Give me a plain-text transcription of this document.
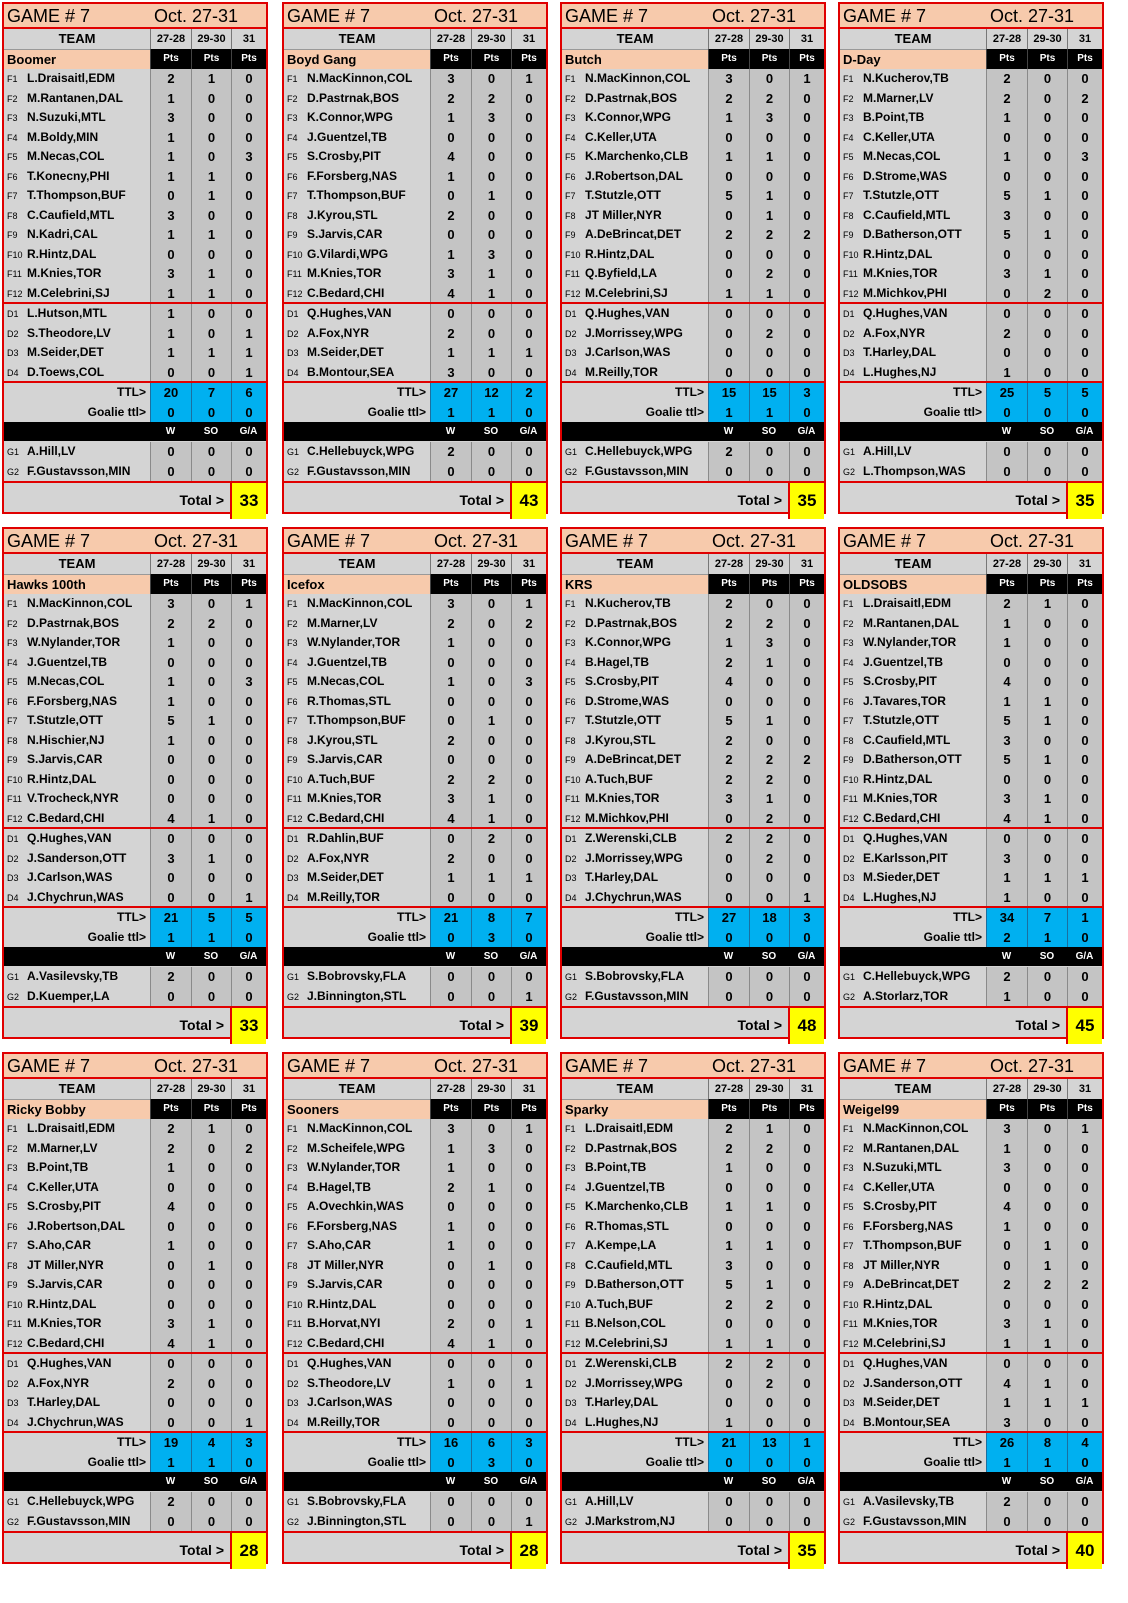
GAME # 7	Oct. 27-31
TEAM	27-28	29-30	31
Boomer	Pts	Pts	Pts
F1 L.Draisaitl,EDM	2	1	0
F2 M.Rantanen,DAL	1	0	0
F3 N.Suzuki,MTL	3	0	0
F4 M.Boldy,MIN	1	0	0
F5 M.Necas,COL	1	0	3
F6 T.Konecny,PHI	1	1	0
F7 T.Thompson,BUF	0	1	0
F8 C.Caufield,MTL	3	0	0
F9 N.Kadri,CAL	1	1	0
F10 R.Hintz,DAL	0	0	0
F11 M.Knies,TOR	3	1	0
F12 M.Celebrini,SJ	1	1	0
D1 L.Hutson,MTL	1	0	0
D2 S.Theodore,LV	1	0	1
D3 M.Seider,DET	1	1	1
D4 D.Toews,COL	0	0	1
TTL>	20	7	6
Goalie ttl>	0	0	0
W	SO	G/A
G1 A.Hill,LV	0	0	0
G2 F.Gustavsson,MIN	0	0	0
Total > 33
GAME # 7	Oct. 27-31
TEAM	27-28	29-30	31
Boyd Gang	Pts	Pts	Pts
F1 N.MacKinnon,COL	3	0	1
F2 D.Pastrnak,BOS	2	2	0
F3 K.Connor,WPG	1	3	0
F4 J.Guentzel,TB	0	0	0
F5 S.Crosby,PIT	4	0	0
F6 F.Forsberg,NAS	1	0	0
F7 T.Thompson,BUF	0	1	0
F8 J.Kyrou,STL	2	0	0
F9 S.Jarvis,CAR	0	0	0
F10 G.Vilardi,WPG	1	3	0
F11 M.Knies,TOR	3	1	0
F12 C.Bedard,CHI	4	1	0
D1 Q.Hughes,VAN	0	0	0
D2 A.Fox,NYR	2	0	0
D3 M.Seider,DET	1	1	1
D4 B.Montour,SEA	3	0	0
TTL>	27	12	2
Goalie ttl>	1	1	0
W	SO	G/A
G1 C.Hellebuyck,WPG	2	0	0
G2 F.Gustavsson,MIN	0	0	0
Total > 43
GAME # 7	Oct. 27-31
TEAM	27-28	29-30	31
Butch	Pts	Pts	Pts
F1 N.MacKinnon,COL	3	0	1
F2 D.Pastrnak,BOS	2	2	0
F3 K.Connor,WPG	1	3	0
F4 C.Keller,UTA	0	0	0
F5 K.Marchenko,CLB	1	1	0
F6 J.Robertson,DAL	0	0	0
F7 T.Stutzle,OTT	5	1	0
F8 JT Miller,NYR	0	1	0
F9 A.DeBrincat,DET	2	2	2
F10 R.Hintz,DAL	0	0	0
F11 Q.Byfield,LA	0	2	0
F12 M.Celebrini,SJ	1	1	0
D1 Q.Hughes,VAN	0	0	0
D2 J.Morrissey,WPG	0	2	0
D3 J.Carlson,WAS	0	0	0
D4 M.Reilly,TOR	0	0	0
TTL>	15	15	3
Goalie ttl>	1	1	0
W	SO	G/A
G1 C.Hellebuyck,WPG	2	0	0
G2 F.Gustavsson,MIN	0	0	0
Total > 35
GAME # 7	Oct. 27-31
TEAM	27-28	29-30	31
D-Day	Pts	Pts	Pts
F1 N.Kucherov,TB	2	0	0
F2 M.Marner,LV	2	0	2
F3 B.Point,TB	1	0	0
F4 C.Keller,UTA	0	0	0
F5 M.Necas,COL	1	0	3
F6 D.Strome,WAS	0	0	0
F7 T.Stutzle,OTT	5	1	0
F8 C.Caufield,MTL	3	0	0
F9 D.Batherson,OTT	5	1	0
F10 R.Hintz,DAL	0	0	0
F11 M.Knies,TOR	3	1	0
F12 M.Michkov,PHI	0	2	0
D1 Q.Hughes,VAN	0	0	0
D2 A.Fox,NYR	2	0	0
D3 T.Harley,DAL	0	0	0
D4 L.Hughes,NJ	1	0	0
TTL>	25	5	5
Goalie ttl>	0	0	0
W	SO	G/A
G1 A.Hill,LV	0	0	0
G2 L.Thompson,WAS	0	0	0
Total > 35
GAME # 7	Oct. 27-31
TEAM	27-28	29-30	31
Hawks 100th	Pts	Pts	Pts
F1 N.MacKinnon,COL	3	0	1
F2 D.Pastrnak,BOS	2	2	0
F3 W.Nylander,TOR	1	0	0
F4 J.Guentzel,TB	0	0	0
F5 M.Necas,COL	1	0	3
F6 F.Forsberg,NAS	1	0	0
F7 T.Stutzle,OTT	5	1	0
F8 N.Hischier,NJ	1	0	0
F9 S.Jarvis,CAR	0	0	0
F10 R.Hintz,DAL	0	0	0
F11 V.Trocheck,NYR	0	0	0
F12 C.Bedard,CHI	4	1	0
D1 Q.Hughes,VAN	0	0	0
D2 J.Sanderson,OTT	3	1	0
D3 J.Carlson,WAS	0	0	0
D4 J.Chychrun,WAS	0	0	1
TTL>	21	5	5
Goalie ttl>	1	1	0
W	SO	G/A
G1 A.Vasilevsky,TB	2	0	0
G2 D.Kuemper,LA	0	0	0
Total > 33
GAME # 7	Oct. 27-31
TEAM	27-28	29-30	31
Icefox	Pts	Pts	Pts
F1 N.MacKinnon,COL	3	0	1
F2 M.Marner,LV	2	0	2
F3 W.Nylander,TOR	1	0	0
F4 J.Guentzel,TB	0	0	0
F5 M.Necas,COL	1	0	3
F6 R.Thomas,STL	0	0	0
F7 T.Thompson,BUF	0	1	0
F8 J.Kyrou,STL	2	0	0
F9 S.Jarvis,CAR	0	0	0
F10 A.Tuch,BUF	2	2	0
F11 M.Knies,TOR	3	1	0
F12 C.Bedard,CHI	4	1	0
D1 R.Dahlin,BUF	0	2	0
D2 A.Fox,NYR	2	0	0
D3 M.Seider,DET	1	1	1
D4 M.Reilly,TOR	0	0	0
TTL>	21	8	7
Goalie ttl>	0	3	0
W	SO	G/A
G1 S.Bobrovsky,FLA	0	0	0
G2 J.Binnington,STL	0	0	1
Total > 39
GAME # 7	Oct. 27-31
TEAM	27-28	29-30	31
KRS	Pts	Pts	Pts
F1 N.Kucherov,TB	2	0	0
F2 D.Pastrnak,BOS	2	2	0
F3 K.Connor,WPG	1	3	0
F4 B.Hagel,TB	2	1	0
F5 S.Crosby,PIT	4	0	0
F6 D.Strome,WAS	0	0	0
F7 T.Stutzle,OTT	5	1	0
F8 J.Kyrou,STL	2	0	0
F9 A.DeBrincat,DET	2	2	2
F10 A.Tuch,BUF	2	2	0
F11 M.Knies,TOR	3	1	0
F12 M.Michkov,PHI	0	2	0
D1 Z.Werenski,CLB	2	2	0
D2 J.Morrissey,WPG	0	2	0
D3 T.Harley,DAL	0	0	0
D4 J.Chychrun,WAS	0	0	1
TTL>	27	18	3
Goalie ttl>	0	0	0
W	SO	G/A
G1 S.Bobrovsky,FLA	0	0	0
G2 F.Gustavsson,MIN	0	0	0
Total > 48
GAME # 7	Oct. 27-31
TEAM	27-28	29-30	31
OLDSOBS	Pts	Pts	Pts
F1 L.Draisaitl,EDM	2	1	0
F2 M.Rantanen,DAL	1	0	0
F3 W.Nylander,TOR	1	0	0
F4 J.Guentzel,TB	0	0	0
F5 S.Crosby,PIT	4	0	0
F6 J.Tavares,TOR	1	1	0
F7 T.Stutzle,OTT	5	1	0
F8 C.Caufield,MTL	3	0	0
F9 D.Batherson,OTT	5	1	0
F10 R.Hintz,DAL	0	0	0
F11 M.Knies,TOR	3	1	0
F12 C.Bedard,CHI	4	1	0
D1 Q.Hughes,VAN	0	0	0
D2 E.Karlsson,PIT	3	0	0
D3 M.Sieder,DET	1	1	1
D4 L.Hughes,NJ	1	0	0
TTL>	34	7	1
Goalie ttl>	2	1	0
W	SO	G/A
G1 C.Hellebuyck,WPG	2	0	0
G2 A.Storlarz,TOR	1	0	0
Total > 45
GAME # 7	Oct. 27-31
TEAM	27-28	29-30	31
Ricky Bobby	Pts	Pts	Pts
F1 L.Draisaitl,EDM	2	1	0
F2 M.Marner,LV	2	0	2
F3 B.Point,TB	1	0	0
F4 C.Keller,UTA	0	0	0
F5 S.Crosby,PIT	4	0	0
F6 J.Robertson,DAL	0	0	0
F7 S.Aho,CAR	1	0	0
F8 JT Miller,NYR	0	1	0
F9 S.Jarvis,CAR	0	0	0
F10 R.Hintz,DAL	0	0	0
F11 M.Knies,TOR	3	1	0
F12 C.Bedard,CHI	4	1	0
D1 Q.Hughes,VAN	0	0	0
D2 A.Fox,NYR	2	0	0
D3 T.Harley,DAL	0	0	0
D4 J.Chychrun,WAS	0	0	1
TTL>	19	4	3
Goalie ttl>	1	1	0
W	SO	G/A
G1 C.Hellebuyck,WPG	2	0	0
G2 F.Gustavsson,MIN	0	0	0
Total > 28
GAME # 7	Oct. 27-31
TEAM	27-28	29-30	31
Sooners	Pts	Pts	Pts
F1 N.MacKinnon,COL	3	0	1
F2 M.Scheifele,WPG	1	3	0
F3 W.Nylander,TOR	1	0	0
F4 B.Hagel,TB	2	1	0
F5 A.Ovechkin,WAS	0	0	0
F6 F.Forsberg,NAS	1	0	0
F7 S.Aho,CAR	1	0	0
F8 JT Miller,NYR	0	1	0
F9 S.Jarvis,CAR	0	0	0
F10 R.Hintz,DAL	0	0	0
F11 B.Horvat,NYI	2	0	1
F12 C.Bedard,CHI	4	1	0
D1 Q.Hughes,VAN	0	0	0
D2 S.Theodore,LV	1	0	1
D3 J.Carlson,WAS	0	0	0
D4 M.Reilly,TOR	0	0	0
TTL>	16	6	3
Goalie ttl>	0	3	0
W	SO	G/A
G1 S.Bobrovsky,FLA	0	0	0
G2 J.Binnington,STL	0	0	1
Total > 28
GAME # 7	Oct. 27-31
TEAM	27-28	29-30	31
Sparky	Pts	Pts	Pts
F1 L.Draisaitl,EDM	2	1	0
F2 D.Pastrnak,BOS	2	2	0
F3 B.Point,TB	1	0	0
F4 J.Guentzel,TB	0	0	0
F5 K.Marchenko,CLB	1	1	0
F6 R.Thomas,STL	0	0	0
F7 A.Kempe,LA	1	1	0
F8 C.Caufield,MTL	3	0	0
F9 D.Batherson,OTT	5	1	0
F10 A.Tuch,BUF	2	2	0
F11 B.Nelson,COL	0	0	0
F12 M.Celebrini,SJ	1	1	0
D1 Z.Werenski,CLB	2	2	0
D2 J.Morrissey,WPG	0	2	0
D3 T.Harley,DAL	0	0	0
D4 L.Hughes,NJ	1	0	0
TTL>	21	13	1
Goalie ttl>	0	0	0
W	SO	G/A
G1 A.Hill,LV	0	0	0
G2 J.Markstrom,NJ	0	0	0
Total > 35
GAME # 7	Oct. 27-31
TEAM	27-28	29-30	31
Weigel99	Pts	Pts	Pts
F1 N.MacKinnon,COL	3	0	1
F2 M.Rantanen,DAL	1	0	0
F3 N.Suzuki,MTL	3	0	0
F4 C.Keller,UTA	0	0	0
F5 S.Crosby,PIT	4	0	0
F6 F.Forsberg,NAS	1	0	0
F7 T.Thompson,BUF	0	1	0
F8 JT Miller,NYR	0	1	0
F9 A.DeBrincat,DET	2	2	2
F10 R.Hintz,DAL	0	0	0
F11 M.Knies,TOR	3	1	0
F12 M.Celebrini,SJ	1	1	0
D1 Q.Hughes,VAN	0	0	0
D2 J.Sanderson,OTT	4	1	0
D3 M.Seider,DET	1	1	1
D4 B.Montour,SEA	3	0	0
TTL>	26	8	4
Goalie ttl>	1	1	0
W	SO	G/A
G1 A.Vasilevsky,TB	2	0	0
G2 F.Gustavsson,MIN	0	0	0
Total > 40
